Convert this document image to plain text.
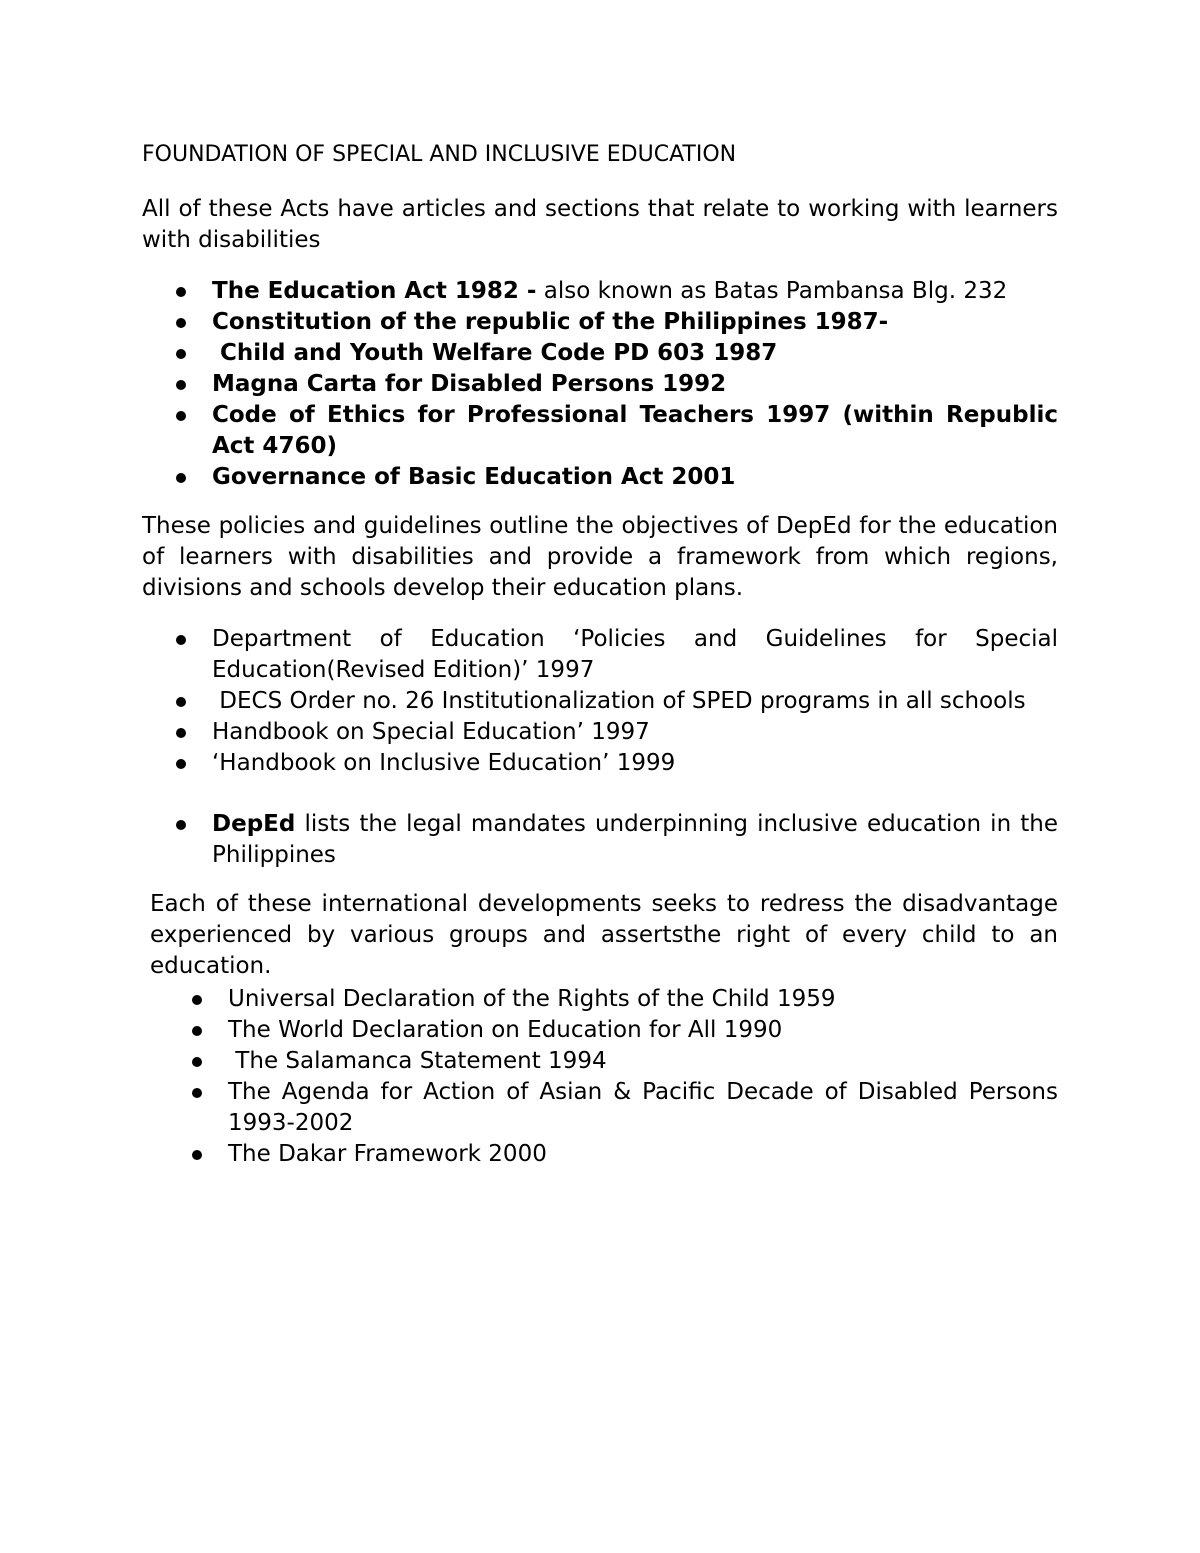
FOUNDATION OF SPECIAL AND INCLUSIVE EDUCATION

All of these Acts have articles and sections that relate to working with learners with disabilities

The Education Act 1982 - also known as Batas Pambansa Blg. 232
Constitution of the republic of the Philippines 1987-
Child and Youth Welfare Code PD 603 1987
Magna Carta for Disabled Persons 1992
Code of Ethics for Professional Teachers 1997 (within Republic Act 4760)
Governance of Basic Education Act 2001

These policies and guidelines outline the objectives of DepEd for the education of learners with disabilities and provide a framework from which regions, divisions and schools develop their education plans.

Department of Education ‘Policies and Guidelines for Special Education(Revised Edition)’ 1997
DECS Order no. 26 Institutionalization of SPED programs in all schools
Handbook on Special Education’ 1997
‘Handbook on Inclusive Education’ 1999
DepEd lists the legal mandates underpinning inclusive education in the Philippines

Each of these international developments seeks to redress the disadvantage experienced by various groups and assertsthe right of every child to an education.

Universal Declaration of the Rights of the Child 1959
The World Declaration on Education for All 1990
The Salamanca Statement 1994
The Agenda for Action of Asian & Pacific Decade of Disabled Persons 1993-2002
The Dakar Framework 2000
